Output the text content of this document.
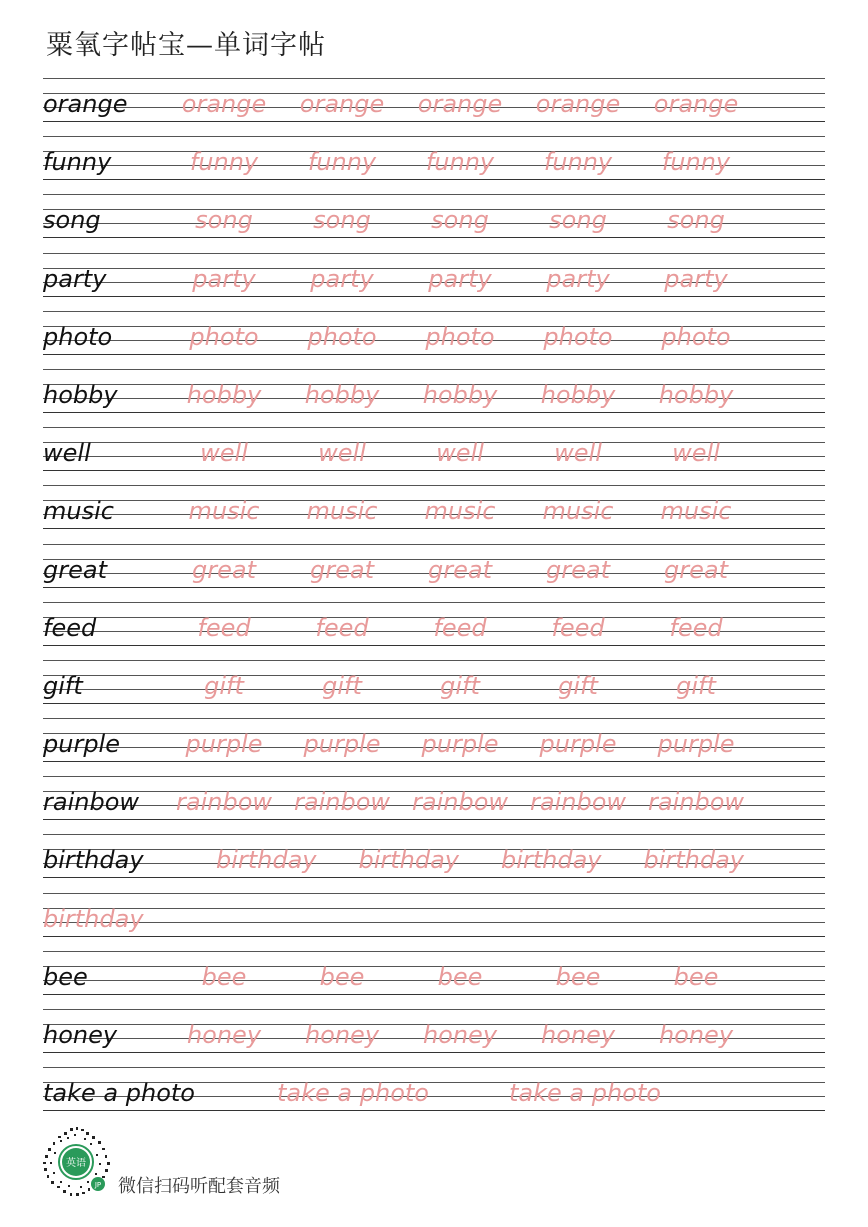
粟氧字帖宝—单词字帖
orange	orange orange orange orange orange
funny	funny funny funny funny funny
song	song	song	song	song	song
party	party party party party party
photo	photo photo photo photo photo
hobby	hobby hobby hobby hobby hobby
well	well	well	well	well	well
music	music music music music music
great	great great great great great
feed	feed	feed	feed	feed	feed
gift	gift	gift	gift	gift	gift
purple	purple purple purple purple purple
rainbow	rainbow rainbow rainbow rainbow rainbow
birthday	birthday birthday birthday birthday
birthday
bee	bee	bee	bee	bee	bee
honey	honey honey honey honey honey
take a photo	take a photo	take a photo
英语
JP 微信扫码听配套音频
